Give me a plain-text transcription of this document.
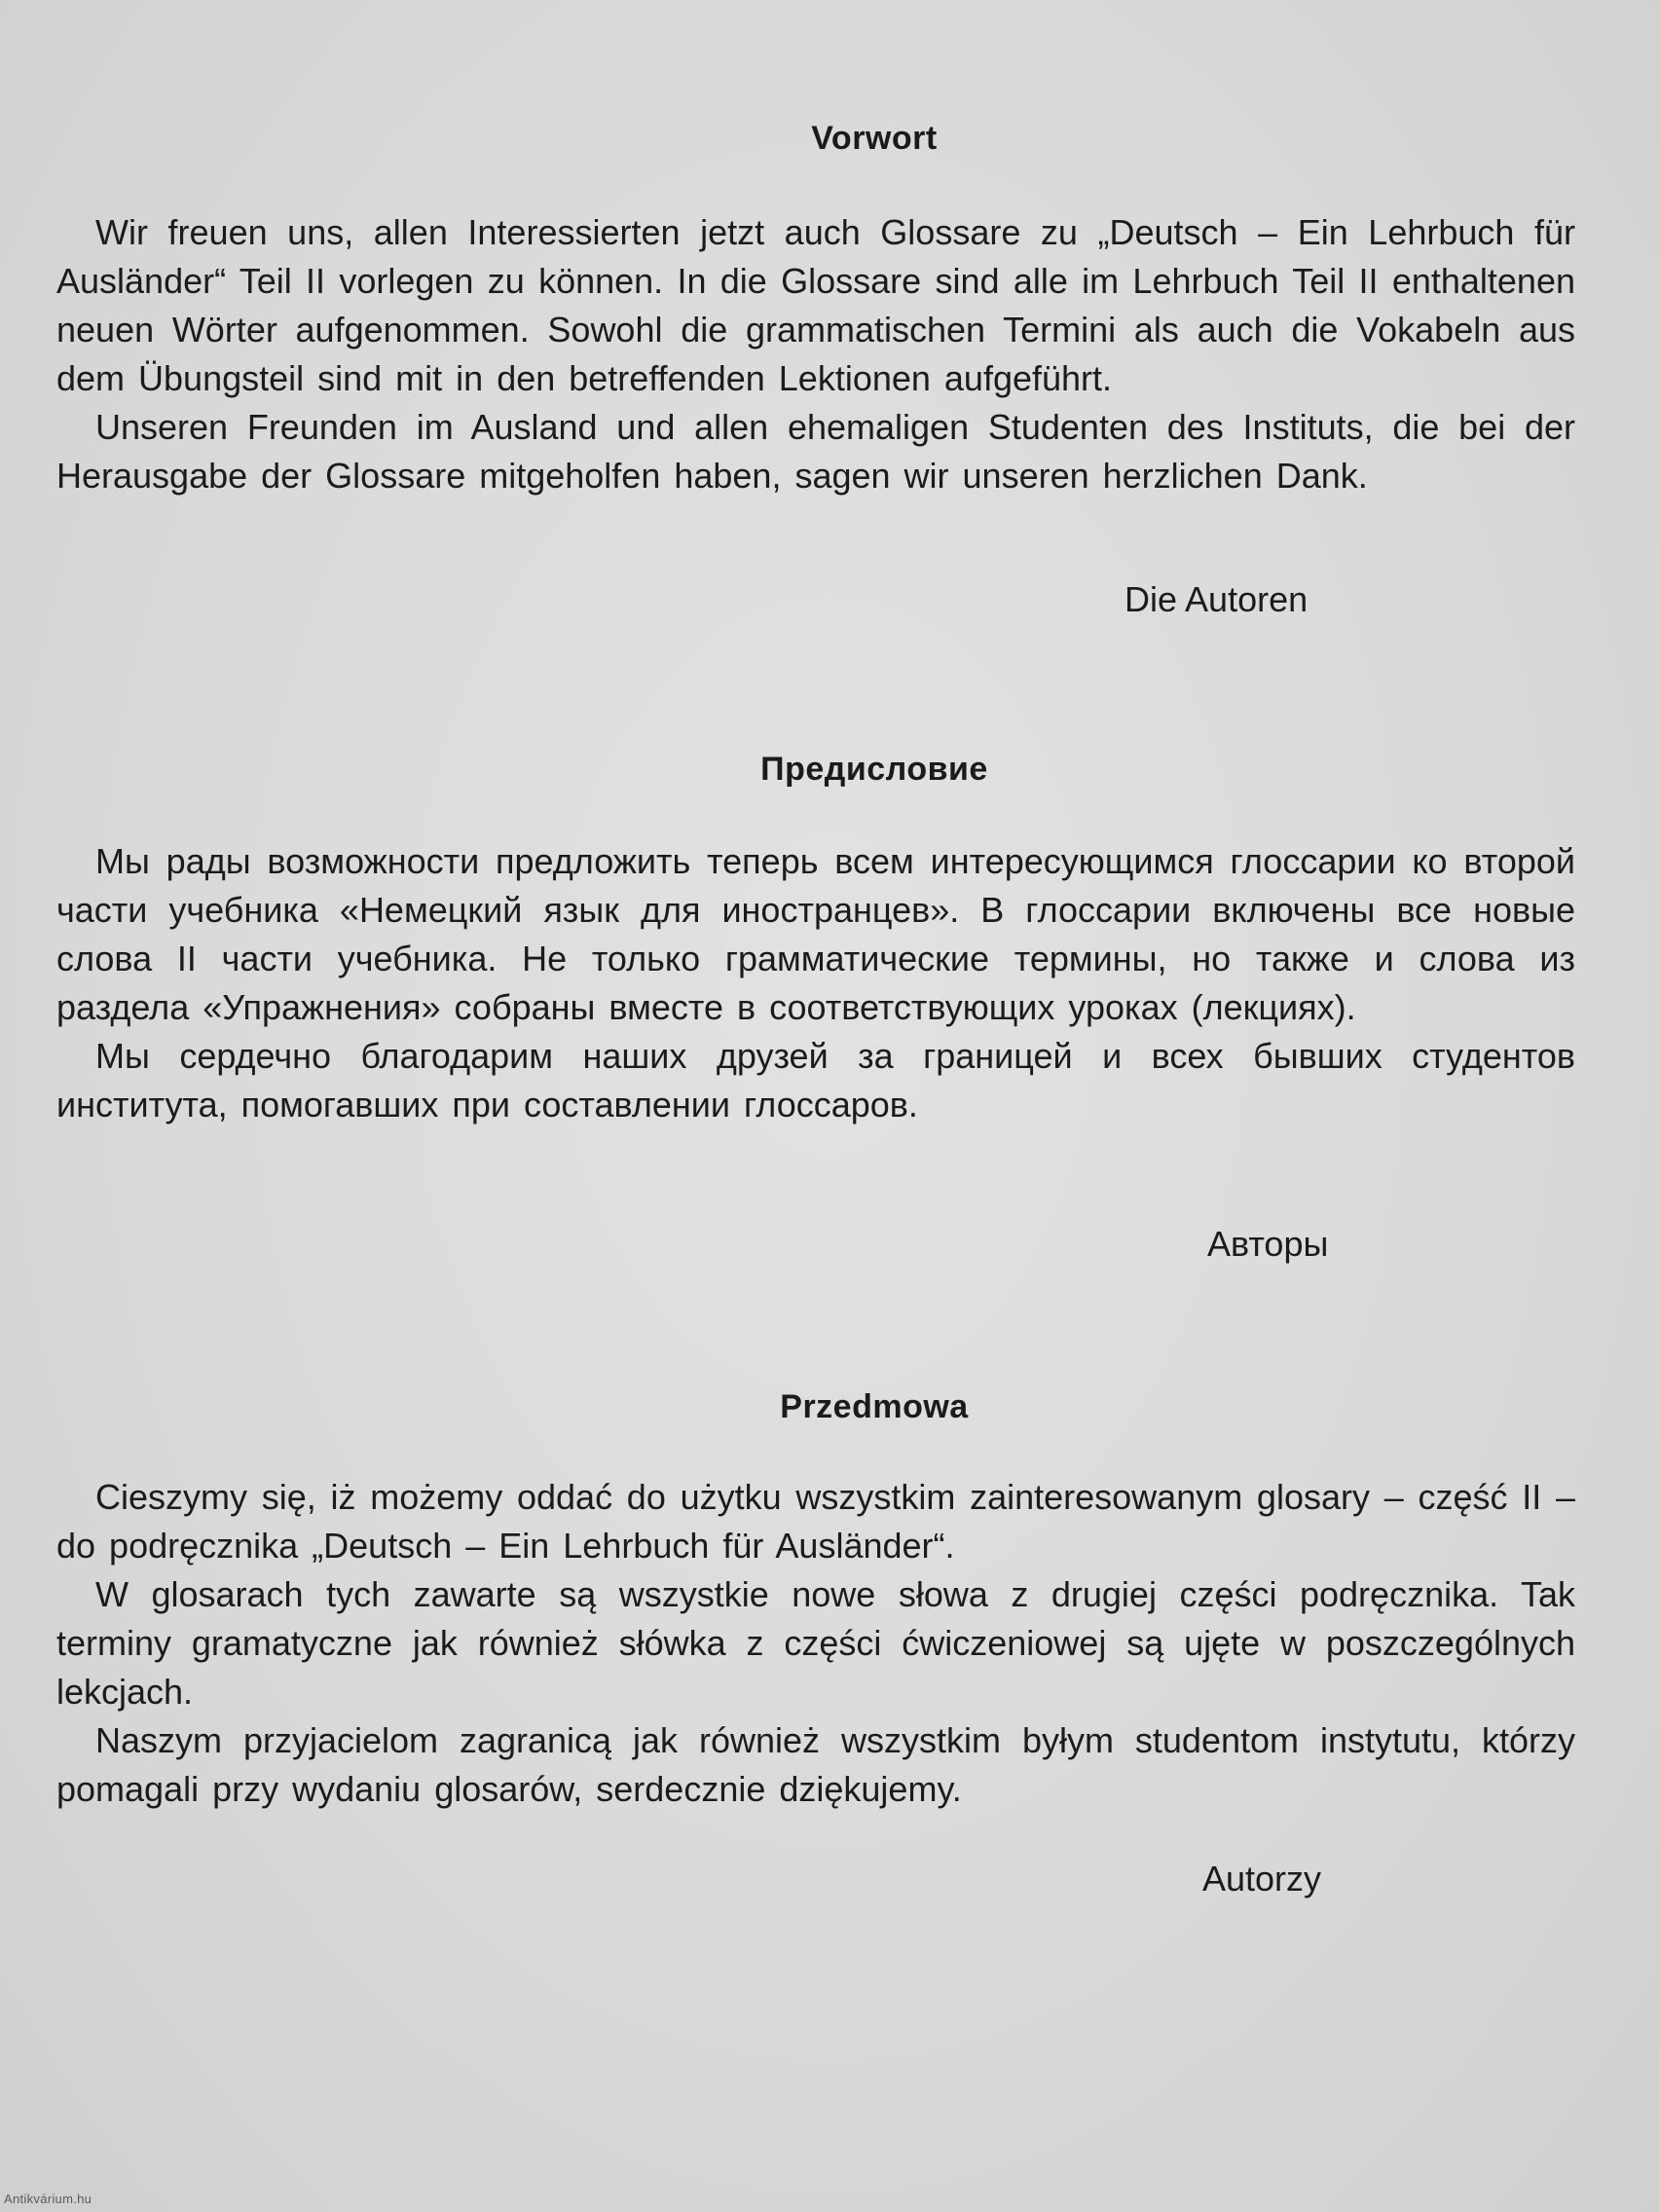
Vorwort

Wir freuen uns, allen Interessierten jetzt auch Glossare zu „Deutsch – Ein Lehrbuch für Ausländer“ Teil II vorlegen zu können. In die Glossare sind alle im Lehrbuch Teil II enthaltenen neuen Wörter aufgenommen. Sowohl die grammatischen Termini als auch die Vokabeln aus dem Übungsteil sind mit in den betreffenden Lektionen aufgeführt.

Unseren Freunden im Ausland und allen ehemaligen Studenten des Instituts, die bei der Herausgabe der Glossare mitgeholfen haben, sagen wir unseren herzlichen Dank.

Предисловие

Мы рады возможности предложить теперь всем интересующимся глоссарии ко второй части учебника «Немецкий язык для иностранцев». В глоссарии включены все новые слова II части учебника. Не только грамматические термины, но также и слова из раздела «Упражнения» собраны вместе в соответствующих уроках (лекциях).

Мы сердечно благодарим наших друзей за границей и всех бывших студентов института, помогавших при составлении глоссаров.

Przedmowa

Cieszymy się, iż możemy oddać do użytku wszystkim zainteresowanym glosary – część II – do podręcznika „Deutsch – Ein Lehrbuch für Ausländer“.

W glosarach tych zawarte są wszystkie nowe słowa z drugiej części podręcznika. Tak terminy gramatyczne jak również słówka z części ćwiczeniowej są ujęte w poszczególnych lekcjach.

Naszym przyjacielom zagranicą jak również wszystkim byłym studentom instytutu, którzy pomagali przy wydaniu glosarów, serdecznie dziękujemy.

Die Autoren
Авторы
Autorzy
Antikvárium.hu
